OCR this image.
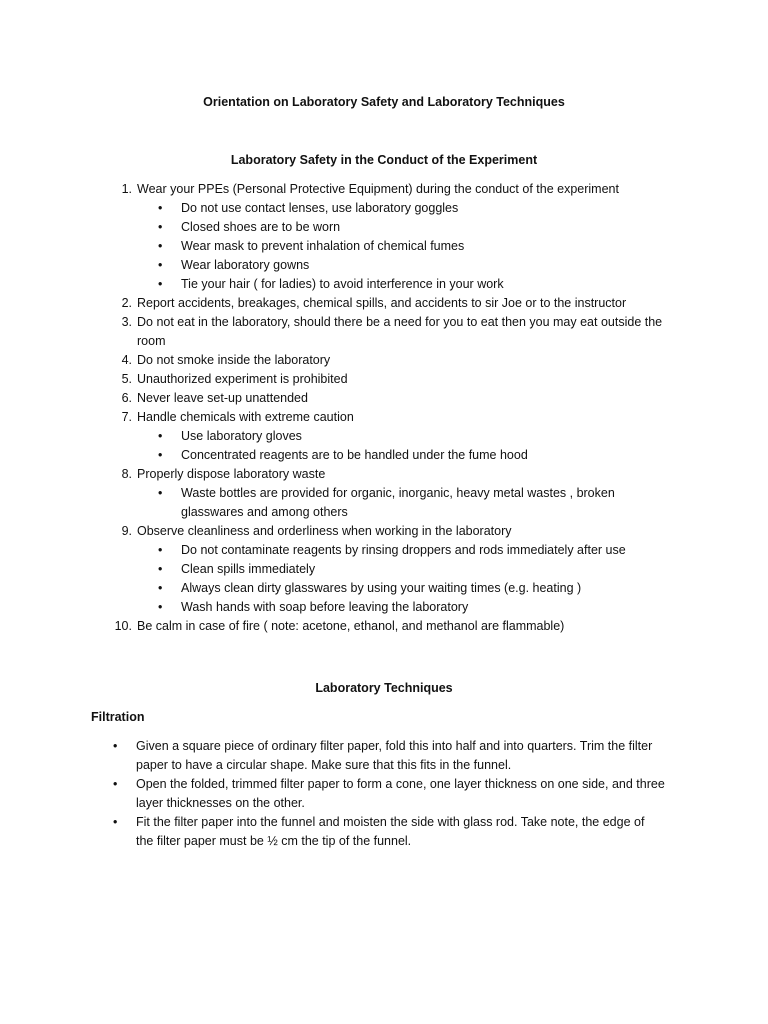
Orientation on Laboratory Safety and Laboratory Techniques
Laboratory Safety in the Conduct of the Experiment
1. Wear your PPEs (Personal Protective Equipment) during the conduct of the experiment
• Do not use contact lenses, use laboratory goggles
• Closed shoes are to be worn
• Wear mask to prevent inhalation of chemical fumes
• Wear laboratory gowns
• Tie your hair ( for ladies) to avoid interference in your work
2. Report accidents, breakages, chemical spills, and accidents to sir Joe or to the instructor
3. Do not eat in the laboratory, should there be a need for you to eat then you may eat outside the
room
4. Do not smoke inside the laboratory
5. Unauthorized experiment is prohibited
6. Never leave set-up unattended
7. Handle chemicals with extreme caution
• Use laboratory gloves
• Concentrated reagents are to be handled under the fume hood
8. Properly dispose laboratory waste
• Waste bottles are provided for organic, inorganic, heavy metal wastes , broken
glasswares and among others
9. Observe cleanliness and orderliness when working in the laboratory
• Do not contaminate reagents by rinsing droppers and rods immediately after use
• Clean spills immediately
• Always clean dirty glasswares by using your waiting times (e.g. heating )
• Wash hands with soap before leaving the laboratory
10. Be calm in case of fire ( note: acetone, ethanol, and methanol are flammable)
Laboratory Techniques
Filtration
• Given a square piece of ordinary filter paper, fold this into half and into quarters. Trim the filter
paper to have a circular shape. Make sure that this fits in the funnel.
• Open the folded, trimmed filter paper to form a cone, one layer thickness on one side, and three
layer thicknesses on the other.
• Fit the filter paper into the funnel and moisten the side with glass rod. Take note, the edge of
the filter paper must be ½ cm the tip of the funnel.
